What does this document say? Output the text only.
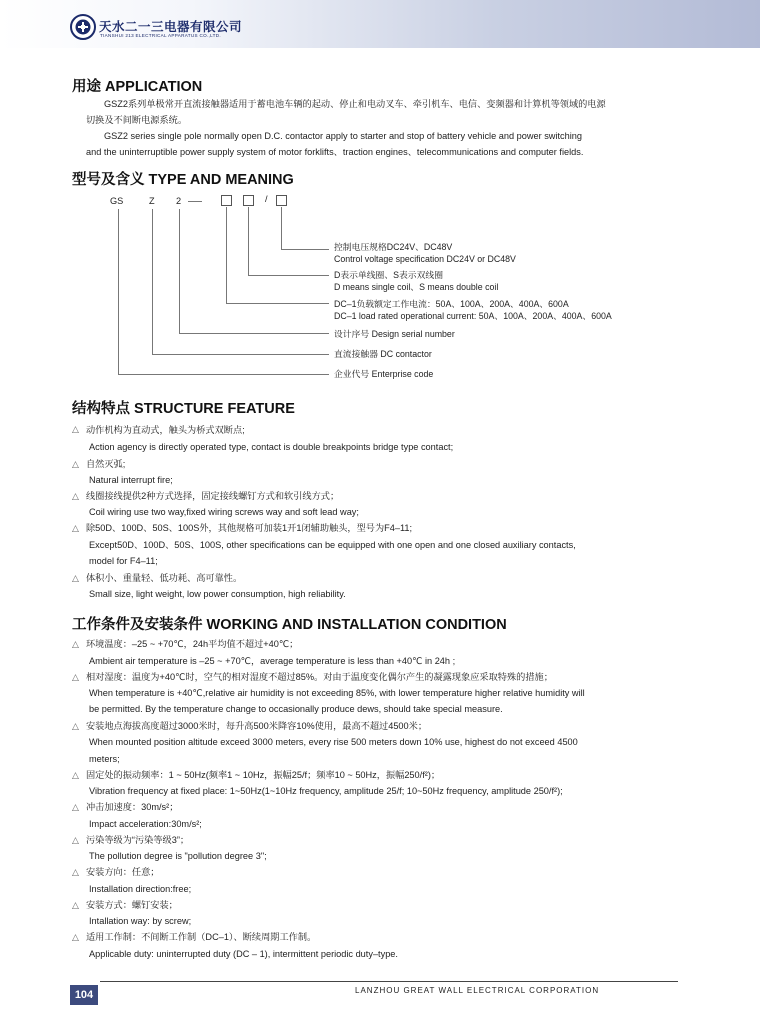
天水二一三电器有限公司
TIANSHUI 213 ELECTRICAL APPARATUS CO.,LTD.
用途 APPLICATION
GSZ2系列单极常开直流接触器适用于蓄电池车辆的起动、停止和电动叉车、牵引机车、电信、变频器和计算机等领域的电源
切换及不间断电源系统。
GSZ2 series single pole normally open D.C. contactor apply to starter and stop of battery vehicle and power switching
and the uninterruptible power supply system of motor forklifts、traction engines、telecommunications and computer fields.
型号及含义 TYPE AND MEANING
GS	Z 2	/
控制电压规格DC24V、DC48V
Control voltage specification DC24V or DC48V
D表示单线圈、S表示双线圈
D means single coil、S means double coil
DC–1负载额定工作电流：50A、100A、200A、400A、600A
DC–1 load rated operational current: 50A、100A、200A、400A、600A
设计序号 Design serial number
直流接触器 DC contactor
企业代号 Enterprise code
结构特点 STRUCTURE FEATURE
△ 动作机构为直动式，触头为桥式双断点;
Action agency is directly operated type, contact is double breakpoints bridge type contact;
△ 自然灭弧;
Natural interrupt fire;
△ 线圈接线提供2种方式选择，固定接线螺钉方式和软引线方式；
Coil wiring use two way,fixed wiring screws way and soft lead way;
△ 除50D、100D、50S、100S外，其他规格可加装1开1闭辅助触头，型号为F4–11;
Except50D、100D、50S、100S, other specifications can be equipped with one open and one closed auxiliary contacts,
model for F4–11;
△ 体积小、重量轻、低功耗、高可靠性。
Small size, light weight, low power consumption, high reliability.
工作条件及安装条件 WORKING AND INSTALLATION CONDITION
△ 环境温度：–25 ~ +70℃，24h平均值不超过+40℃；
Ambient air temperature is –25 ~ +70℃，average temperature is less than +40℃ in 24h ;
△ 相对湿度：温度为+40℃时，空气的相对湿度不超过85%。对由于温度变化偶尔产生的凝露现象应采取特殊的措施；
When temperature is +40℃,relative air humidity is not exceeding 85%, with lower temperature higher relative humidity will
be permitted. By the temperature change to occasionally produce dews, should take special measure.
△ 安装地点海拔高度超过3000米时，每升高500米降容10%使用，最高不超过4500米；
When mounted position altitude exceed 3000 meters, every rise 500 meters down 10% use, highest do not exceed 4500
meters;
△ 固定处的振动频率：1 ~ 50Hz(频率1 ~ 10Hz，振幅25/f；频率10 ~ 50Hz，振幅250/f²)；
Vibration frequency at fixed place: 1~50Hz(1~10Hz frequency, amplitude 25/f; 10~50Hz frequency, amplitude 250/f²);
△ 冲击加速度：30m/s²；
Impact acceleration:30m/s²;
△ 污染等级为“污染等级3”；
The pollution degree is "pollution degree 3";
△ 安装方向：任意；
Installation direction:free;
△ 安装方式：螺钉安装；
Intallation way: by screw;
△ 适用工作制：不间断工作制（DC–1）、断续周期工作制。
Applicable duty: uninterrupted duty (DC – 1), intermittent periodic duty–type.
104	LANZHOU GREAT WALL ELECTRICAL CORPORATION
